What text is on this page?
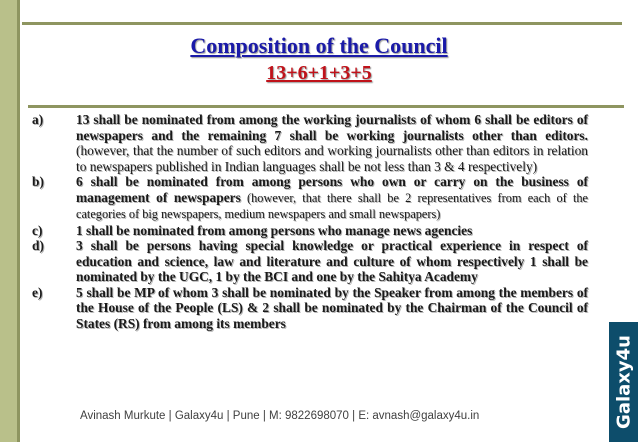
Composition of the Council
13+6+1+3+5
a)	13 shall be nominated from among the working journalists of whom 6 shall be editors of newspapers and the remaining 7 shall be working journalists other than editors. (however, that the number of such editors and working journalists other than editors in relation to newspapers published in Indian languages shall be not less than 3 & 4 respectively)
b)	6 shall be nominated from among persons who own or carry on the business of management of newspapers (however, that there shall be 2 representatives from each of the categories of big newspapers, medium newspapers and small newspapers)
c)	1 shall be nominated from among persons who manage news agencies
d)	3 shall be persons having special knowledge or practical experience in respect of education and science, law and literature and culture of whom respectively 1 shall be nominated by the UGC, 1 by the BCI and one by the Sahitya Academy
e)	5 shall be MP of whom 3 shall be nominated by the Speaker from among the members of the House of the People (LS) & 2 shall be nominated by the Chairman of the Council of States (RS) from among its members
Avinash Murkute | Galaxy4u | Pune | M: 9822698070 | E: avnash@galaxy4u.in	Galaxy4u
